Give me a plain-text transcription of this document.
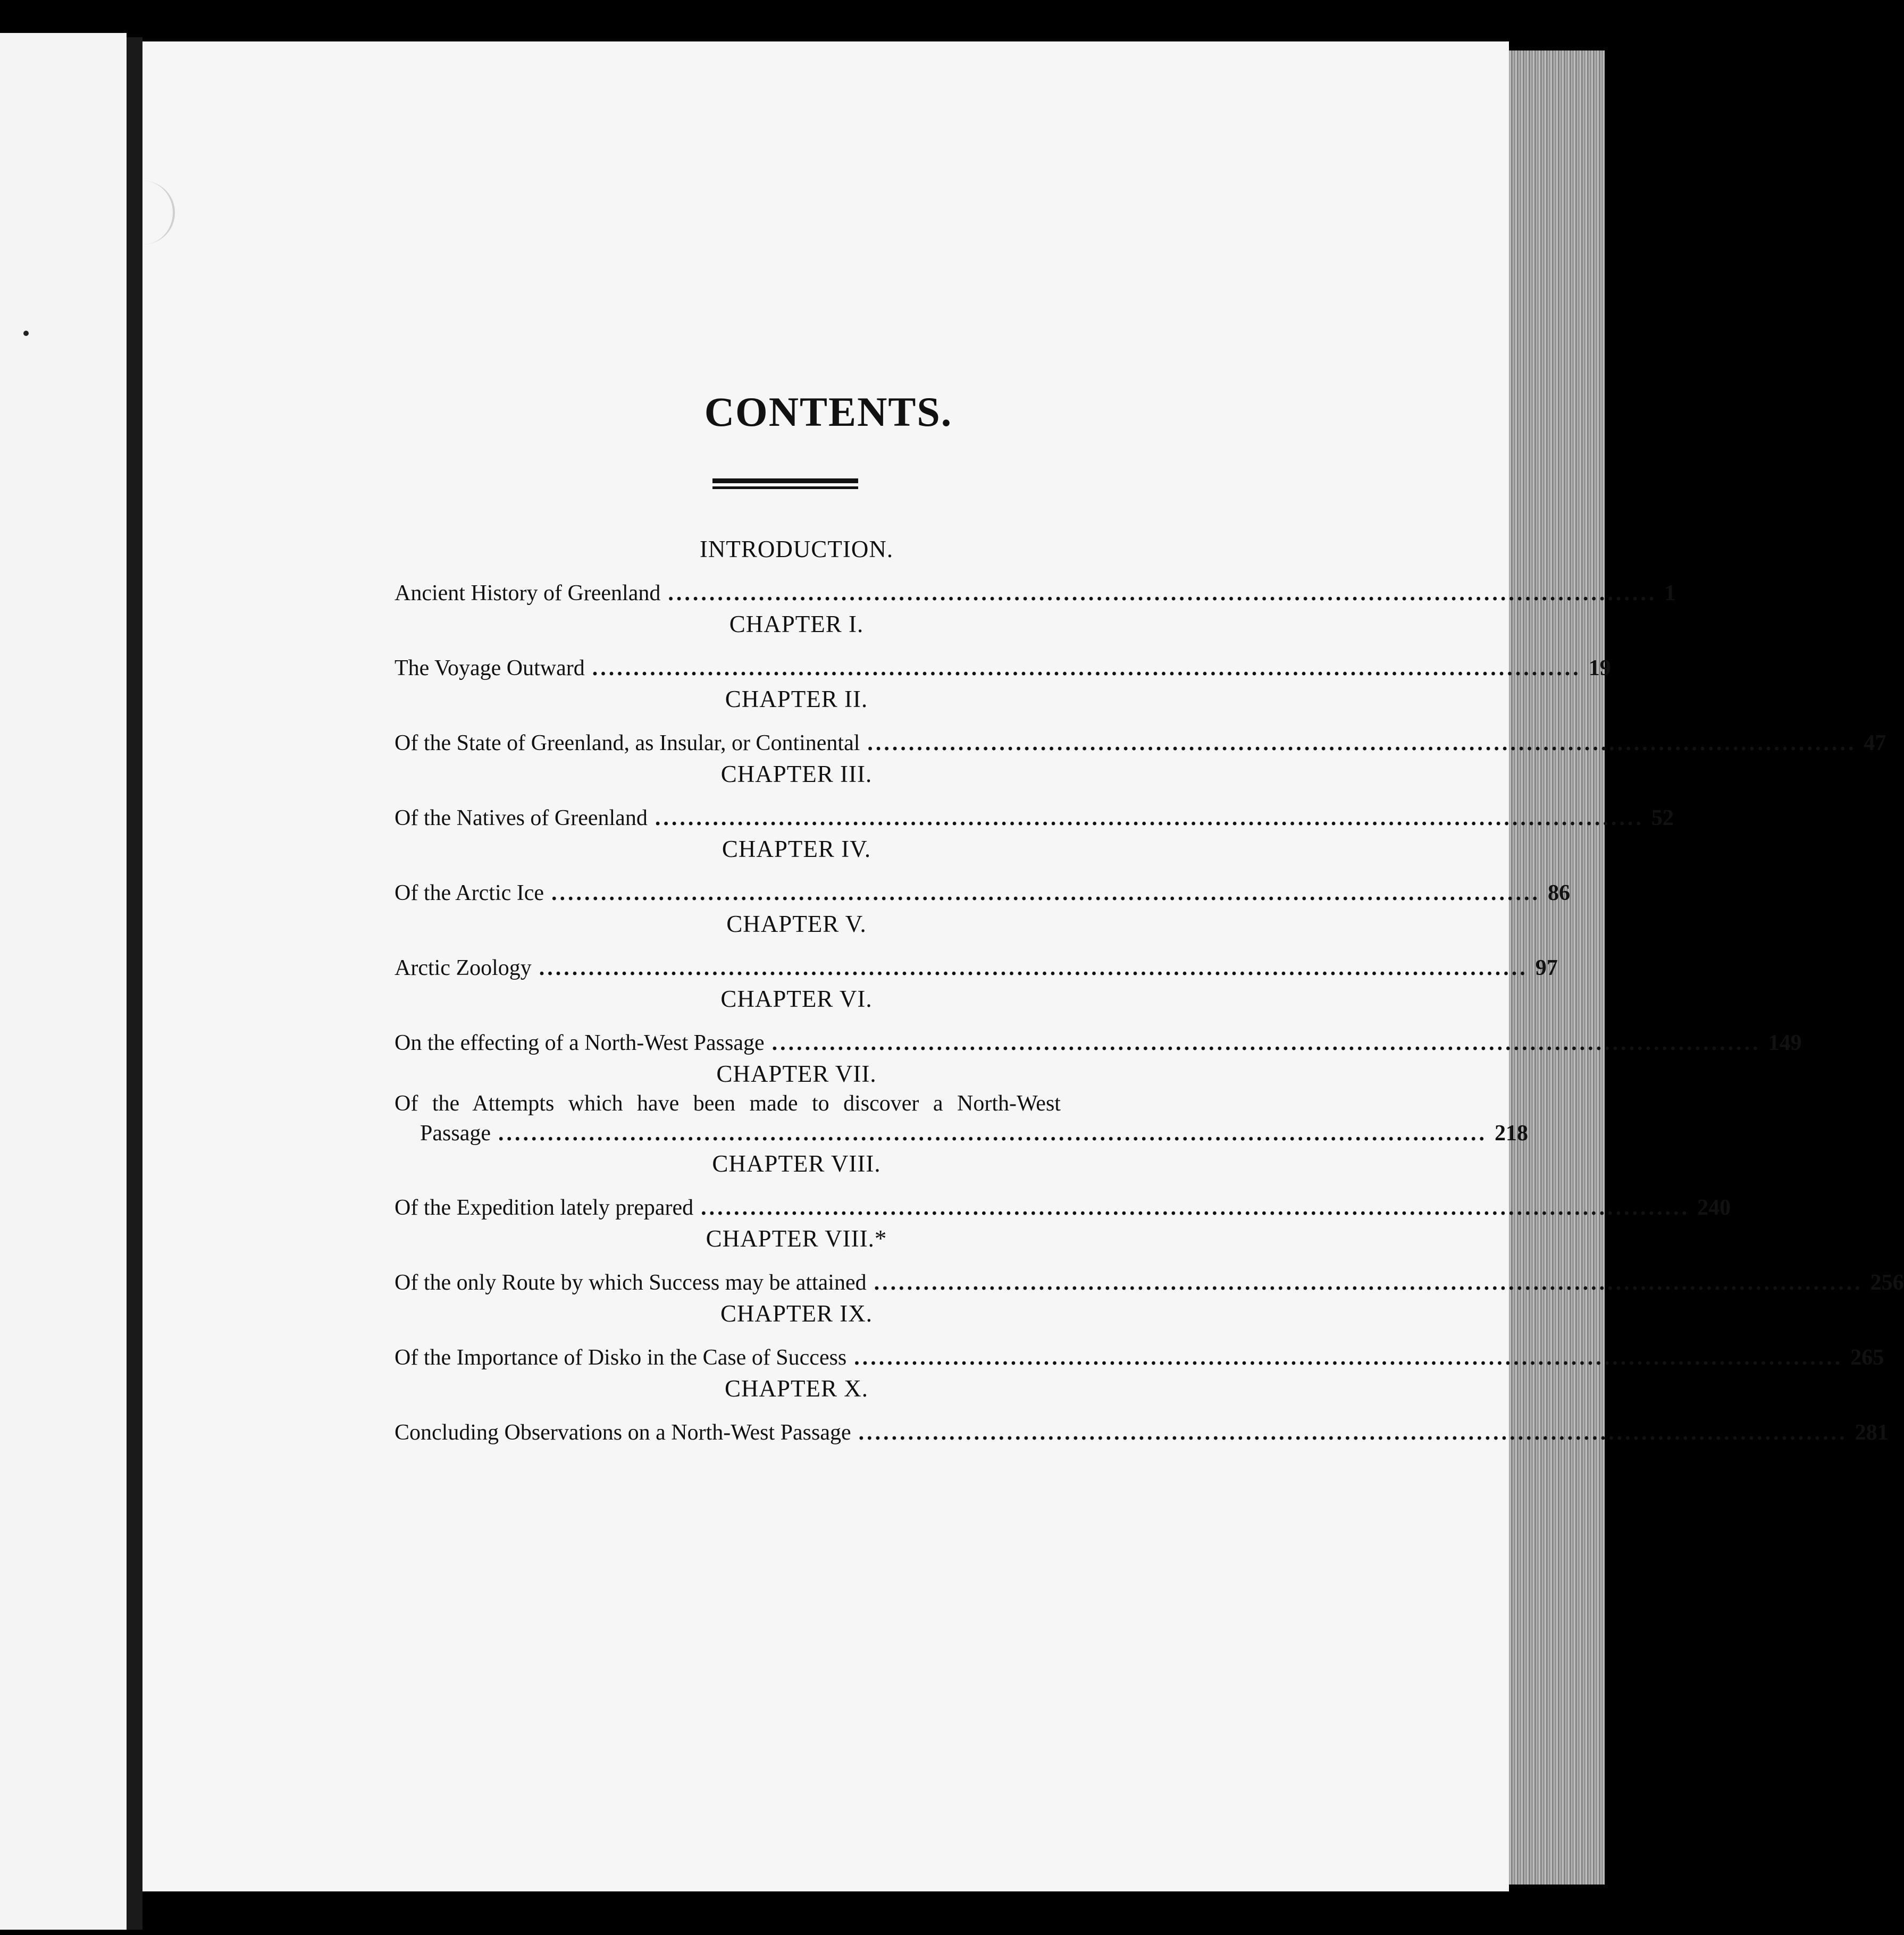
CONTENTS.
INTRODUCTION.
Ancient History of Greenland ........................................................................................................................ 1
CHAPTER I.
The Voyage Outward ........................................................................................................................ 19
CHAPTER II.
Of the State of Greenland, as Insular, or Continental ........................................................................................................................ 47
CHAPTER III.
Of the Natives of Greenland ........................................................................................................................ 52
CHAPTER IV.
Of the Arctic Ice ........................................................................................................................ 86
CHAPTER V.
Arctic Zoology ........................................................................................................................ 97
CHAPTER VI.
On the effecting of a North-West Passage ........................................................................................................................ 149
CHAPTER VII.
Of the Attempts which have been made to discover a North-West
Passage ........................................................................................................................ 218
CHAPTER VIII.
Of the Expedition lately prepared ........................................................................................................................ 240
CHAPTER VIII.*
Of the only Route by which Success may be attained ........................................................................................................................ 256
CHAPTER IX.
Of the Importance of Disko in the Case of Success ........................................................................................................................ 265
CHAPTER X.
Concluding Observations on a North-West Passage ........................................................................................................................ 281
